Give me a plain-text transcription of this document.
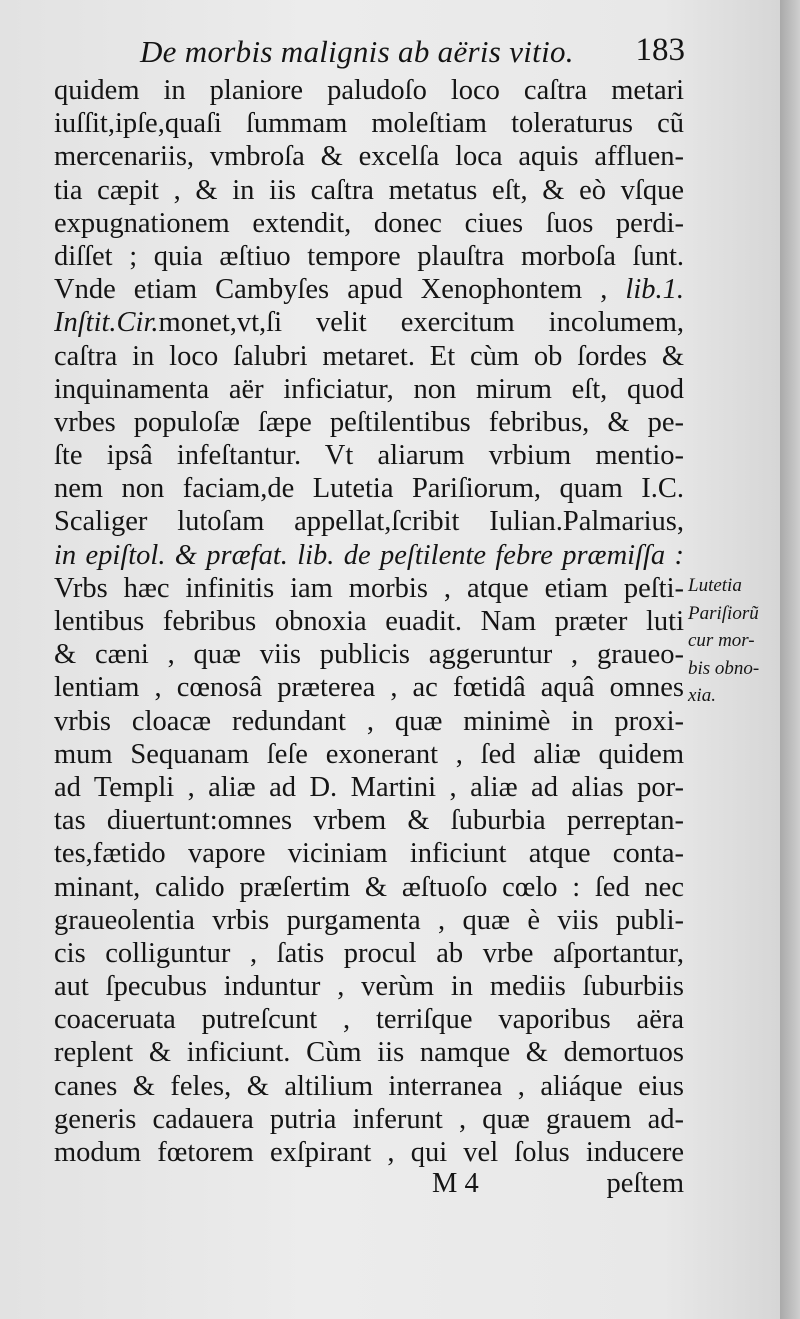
De morbis malignis ab aëris vitio. 183
quidem in planiore paludoſo loco caſtra metari
iuſſit,ipſe,quaſi ſummam moleſtiam toleraturus cũ
mercenariis, vmbroſa & excelſa loca aquis affluen-
tia cæpit , & in iis caſtra metatus eſt, & eò vſque
expugnationem extendit, donec ciues ſuos perdi-
diſſet ; quia æſtiuo tempore plauſtra morboſa ſunt.
Vnde etiam Cambyſes apud Xenophontem , lib.1.
Inſtit.Cir.monet,vt,ſi velit exercitum incolumem,
caſtra in loco ſalubri metaret. Et cùm ob ſordes &
inquinamenta aër inficiatur, non mirum eſt, quod
vrbes populoſæ ſæpe peſtilentibus febribus, & pe-
ſte ipsâ infeſtantur. Vt aliarum vrbium mentio-
nem non faciam,de Lutetia Pariſiorum, quam I.C.
Scaliger lutoſam appellat,ſcribit Iulian.Palmarius,
in epiſtol. & præfat. lib. de peſtilente febre præmiſſa :
Vrbs hæc infinitis iam morbis , atque etiam peſti-
lentibus febribus obnoxia euadit. Nam præter luti
& cæni , quæ viis publicis aggeruntur , graueo-
lentiam , cœnosâ præterea , ac fœtidâ aquâ omnes
vrbis cloacæ redundant , quæ minimè in proxi-
mum Sequanam ſeſe exonerant , ſed aliæ quidem
ad Templi , aliæ ad D. Martini , aliæ ad alias por-
tas diuertunt:omnes vrbem & ſuburbia perreptan-
tes,fætido vapore viciniam inficiunt atque conta-
minant, calido præſertim & æſtuoſo cœlo : ſed nec
graueolentia vrbis purgamenta , quæ è viis publi-
cis colliguntur , ſatis procul ab vrbe aſportantur,
aut ſpecubus induntur , verùm in mediis ſuburbiis
coaceruata putreſcunt , terriſque vaporibus aëra
replent & inficiunt. Cùm iis namque & demortuos
canes & feles, & altilium interranea , aliáque eius
generis cadauera putria inferunt , quæ grauem ad-
modum fœtorem exſpirant , qui vel ſolus inducere
Lutetia
Pariſiorũ
cur mor-
bis obno-
xia.
M 4	peſtem
